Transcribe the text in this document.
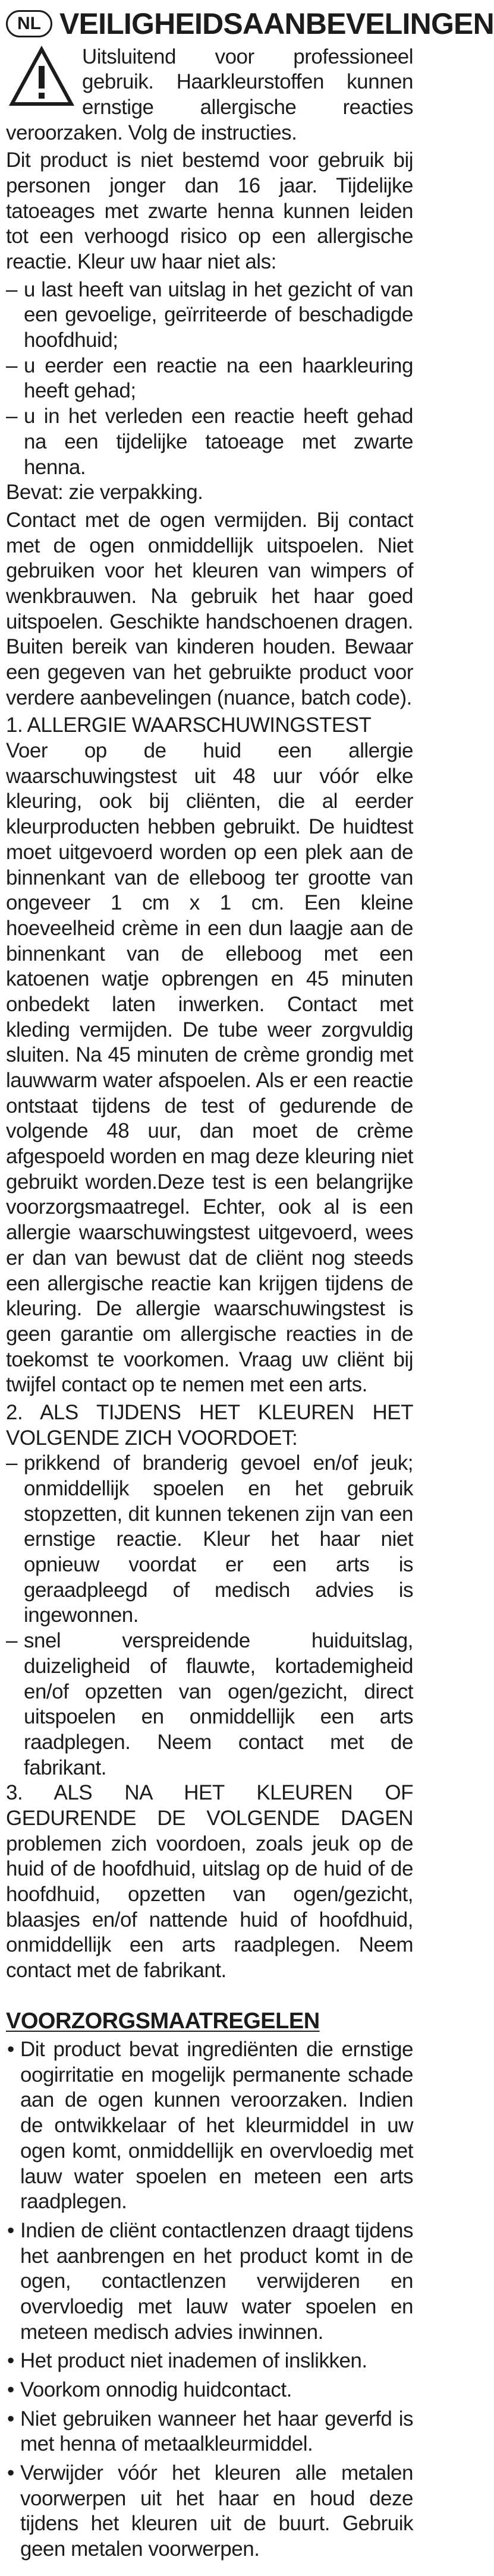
NL VEILIGHEIDSAANBEVELINGEN

Uitsluitend voor professioneel gebruik. Haarkleurstoffen kunnen ernstige allergische reacties veroorzaken. Volg de instructies.

Dit product is niet bestemd voor gebruik bij personen jonger dan 16 jaar. Tijdelijke tatoeages met zwarte henna kunnen leiden tot een verhoogd risico op een allergische reactie. Kleur uw haar niet als:

– u last heeft van uitslag in het gezicht of van een gevoelige, geïrriteerde of beschadigde hoofdhuid;

– u eerder een reactie na een haarkleuring heeft gehad;

– u in het verleden een reactie heeft gehad na een tijdelijke tatoeage met zwarte henna.

Bevat: zie verpakking.

Contact met de ogen vermijden. Bij contact met de ogen onmiddellijk uitspoelen. Niet gebruiken voor het kleuren van wimpers of wenkbrauwen. Na gebruik het haar goed uitspoelen. Geschikte handschoenen dragen. Buiten bereik van kinderen houden. Bewaar een gegeven van het gebruikte product voor verdere aanbevelingen (nuance, batch code).

1. ALLERGIE WAARSCHUWINGSTEST

Voer op de huid een allergie waarschuwingstest uit 48 uur vóór elke kleuring, ook bij cliënten, die al eerder kleurproducten hebben gebruikt. De huidtest moet uitgevoerd worden op een plek aan de binnenkant van de elleboog ter grootte van ongeveer 1 cm x 1 cm. Een kleine hoeveelheid crème in een dun laagje aan de binnenkant van de elleboog met een katoenen watje opbrengen en 45 minuten onbedekt laten inwerken. Contact met kleding vermijden. De tube weer zorgvuldig sluiten. Na 45 minuten de crème grondig met lauwwarm water afspoelen. Als er een reactie ontstaat tijdens de test of gedurende de volgende 48 uur, dan moet de crème afgespoeld worden en mag deze kleuring niet gebruikt worden.Deze test is een belangrijke voorzorgsmaatregel. Echter, ook al is een allergie waarschuwingstest uitgevoerd, wees er dan van bewust dat de cliënt nog steeds een allergische reactie kan krijgen tijdens de kleuring. De allergie waarschuwingstest is geen garantie om allergische reacties in de toekomst te voorkomen. Vraag uw cliënt bij twijfel contact op te nemen met een arts.

2. ALS TIJDENS HET KLEUREN HET VOLGENDE ZICH VOORDOET:

– prikkend of branderig gevoel en/of jeuk; onmiddellijk spoelen en het gebruik stopzetten, dit kunnen tekenen zijn van een ernstige reactie. Kleur het haar niet opnieuw voordat er een arts is geraadpleegd of medisch advies is ingewonnen.

– snel verspreidende huiduitslag, duizeligheid of flauwte, kortademigheid en/of opzetten van ogen/gezicht, direct uitspoelen en onmiddellijk een arts raadplegen. Neem contact met de fabrikant.

3. ALS NA HET KLEUREN OF GEDURENDE DE VOLGENDE DAGEN problemen zich voordoen, zoals jeuk op de huid of de hoofdhuid, uitslag op de huid of de hoofdhuid, opzetten van ogen/gezicht, blaasjes en/of nattende huid of hoofdhuid, onmiddellijk een arts raadplegen. Neem contact met de fabrikant.

VOORZORGSMAATREGELEN
• Dit product bevat ingrediënten die ernstige oogirritatie en mogelijk permanente schade aan de ogen kunnen veroorzaken. Indien de ontwikkelaar of het kleurmiddel in uw ogen komt, onmiddellijk en overvloedig met lauw water spoelen en meteen een arts raadplegen.
• Indien de cliënt contactlenzen draagt tijdens het aanbrengen en het product komt in de ogen, contactlenzen verwijderen en overvloedig met lauw water spoelen en meteen medisch advies inwinnen.
• Het product niet inademen of inslikken.
• Voorkom onnodig huidcontact.
• Niet gebruiken wanneer het haar geverfd is met henna of metaalkleurmiddel.
• Verwijder vóór het kleuren alle metalen voorwerpen uit het haar en houd deze tijdens het kleuren uit de buurt. Gebruik geen metalen voorwerpen.
